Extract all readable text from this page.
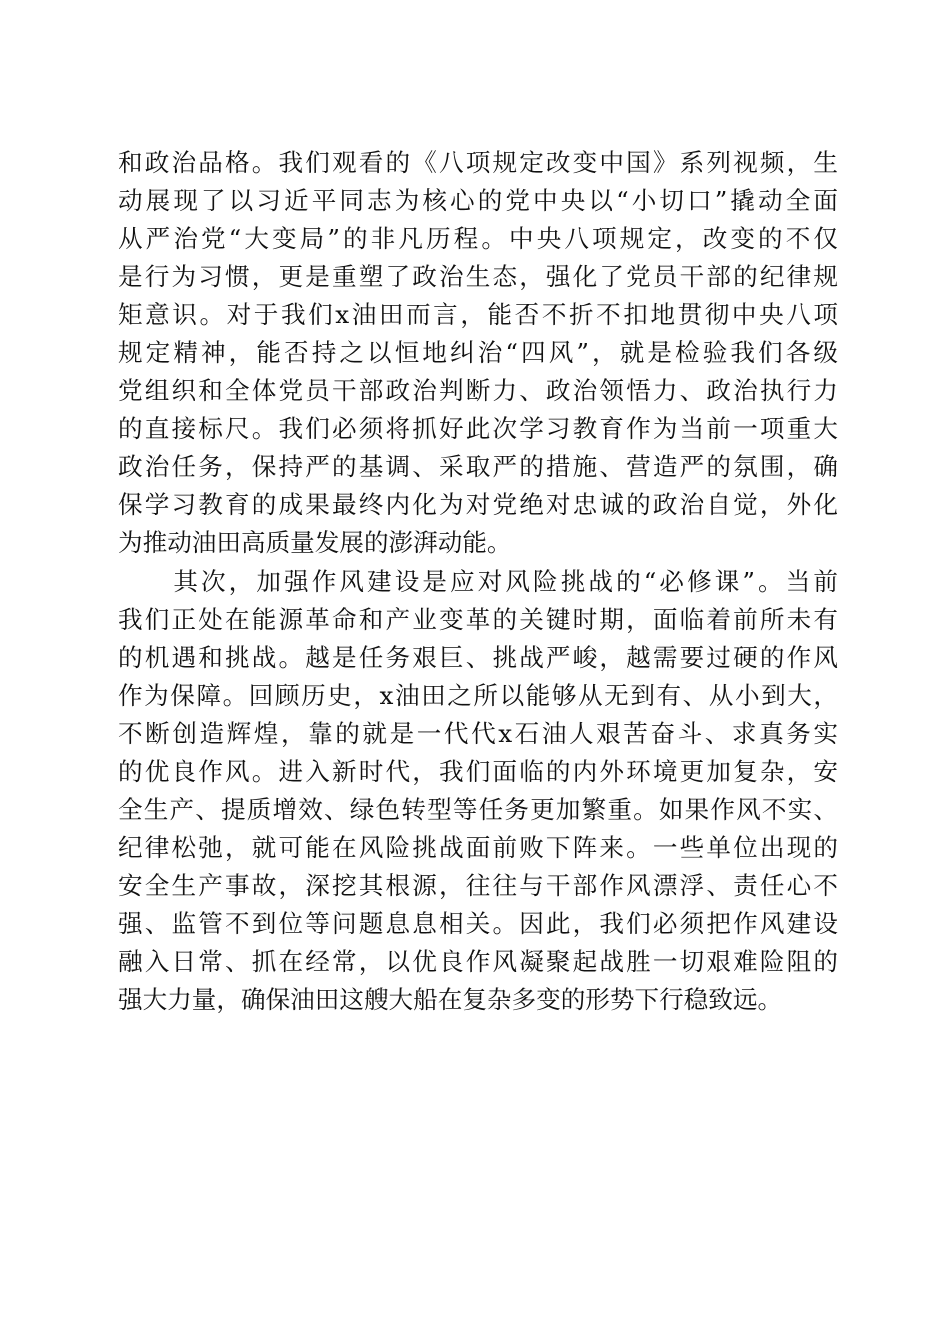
和政治品格。我们观看的《八项规定改变中国》系列视频，生
动展现了以习近平同志为核心的党中央以“小切口”撬动全面
从严治党“大变局”的非凡历程。中央八项规定，改变的不仅
是行为习惯，更是重塑了政治生态，强化了党员干部的纪律规
矩意识。对于我们x油田而言，能否不折不扣地贯彻中央八项
规定精神，能否持之以恒地纠治“四风”，就是检验我们各级
党组织和全体党员干部政治判断力、政治领悟力、政治执行力
的直接标尺。我们必须将抓好此次学习教育作为当前一项重大
政治任务，保持严的基调、采取严的措施、营造严的氛围，确
保学习教育的成果最终内化为对党绝对忠诚的政治自觉，外化
为推动油田高质量发展的澎湃动能。
　　其次，加强作风建设是应对风险挑战的“必修课”。当前
我们正处在能源革命和产业变革的关键时期，面临着前所未有
的机遇和挑战。越是任务艰巨、挑战严峻，越需要过硬的作风
作为保障。回顾历史，x油田之所以能够从无到有、从小到大，
不断创造辉煌，靠的就是一代代x石油人艰苦奋斗、求真务实
的优良作风。进入新时代，我们面临的内外环境更加复杂，安
全生产、提质增效、绿色转型等任务更加繁重。如果作风不实、
纪律松弛，就可能在风险挑战面前败下阵来。一些单位出现的
安全生产事故，深挖其根源，往往与干部作风漂浮、责任心不
强、监管不到位等问题息息相关。因此，我们必须把作风建设
融入日常、抓在经常，以优良作风凝聚起战胜一切艰难险阻的
强大力量，确保油田这艘大船在复杂多变的形势下行稳致远。
